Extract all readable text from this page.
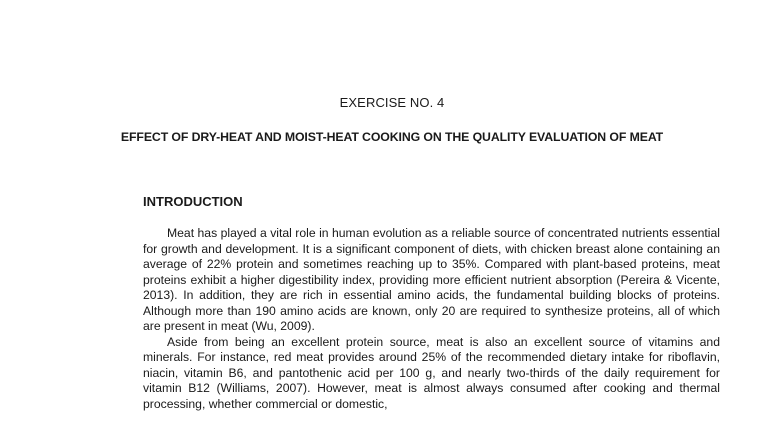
EXERCISE NO. 4
EFFECT OF DRY-HEAT AND MOIST-HEAT COOKING ON THE QUALITY EVALUATION OF MEAT
INTRODUCTION

Meat has played a vital role in human evolution as a reliable source of concentrated nutrients essential for growth and development. It is a significant component of diets, with chicken breast alone containing an average of 22% protein and sometimes reaching up to 35%. Compared with plant-based proteins, meat proteins exhibit a higher digestibility index, providing more efficient nutrient absorption (Pereira & Vicente, 2013). In addition, they are rich in essential amino acids, the fundamental building blocks of proteins. Although more than 190 amino acids are known, only 20 are required to synthesize proteins, all of which are present in meat (Wu, 2009).

Aside from being an excellent protein source, meat is also an excellent source of vitamins and minerals. For instance, red meat provides around 25% of the recommended dietary intake for riboflavin, niacin, vitamin B6, and pantothenic acid per 100 g, and nearly two-thirds of the daily requirement for vitamin B12 (Williams, 2007). However, meat is almost always consumed after cooking and thermal processing, whether commercial or domestic,
